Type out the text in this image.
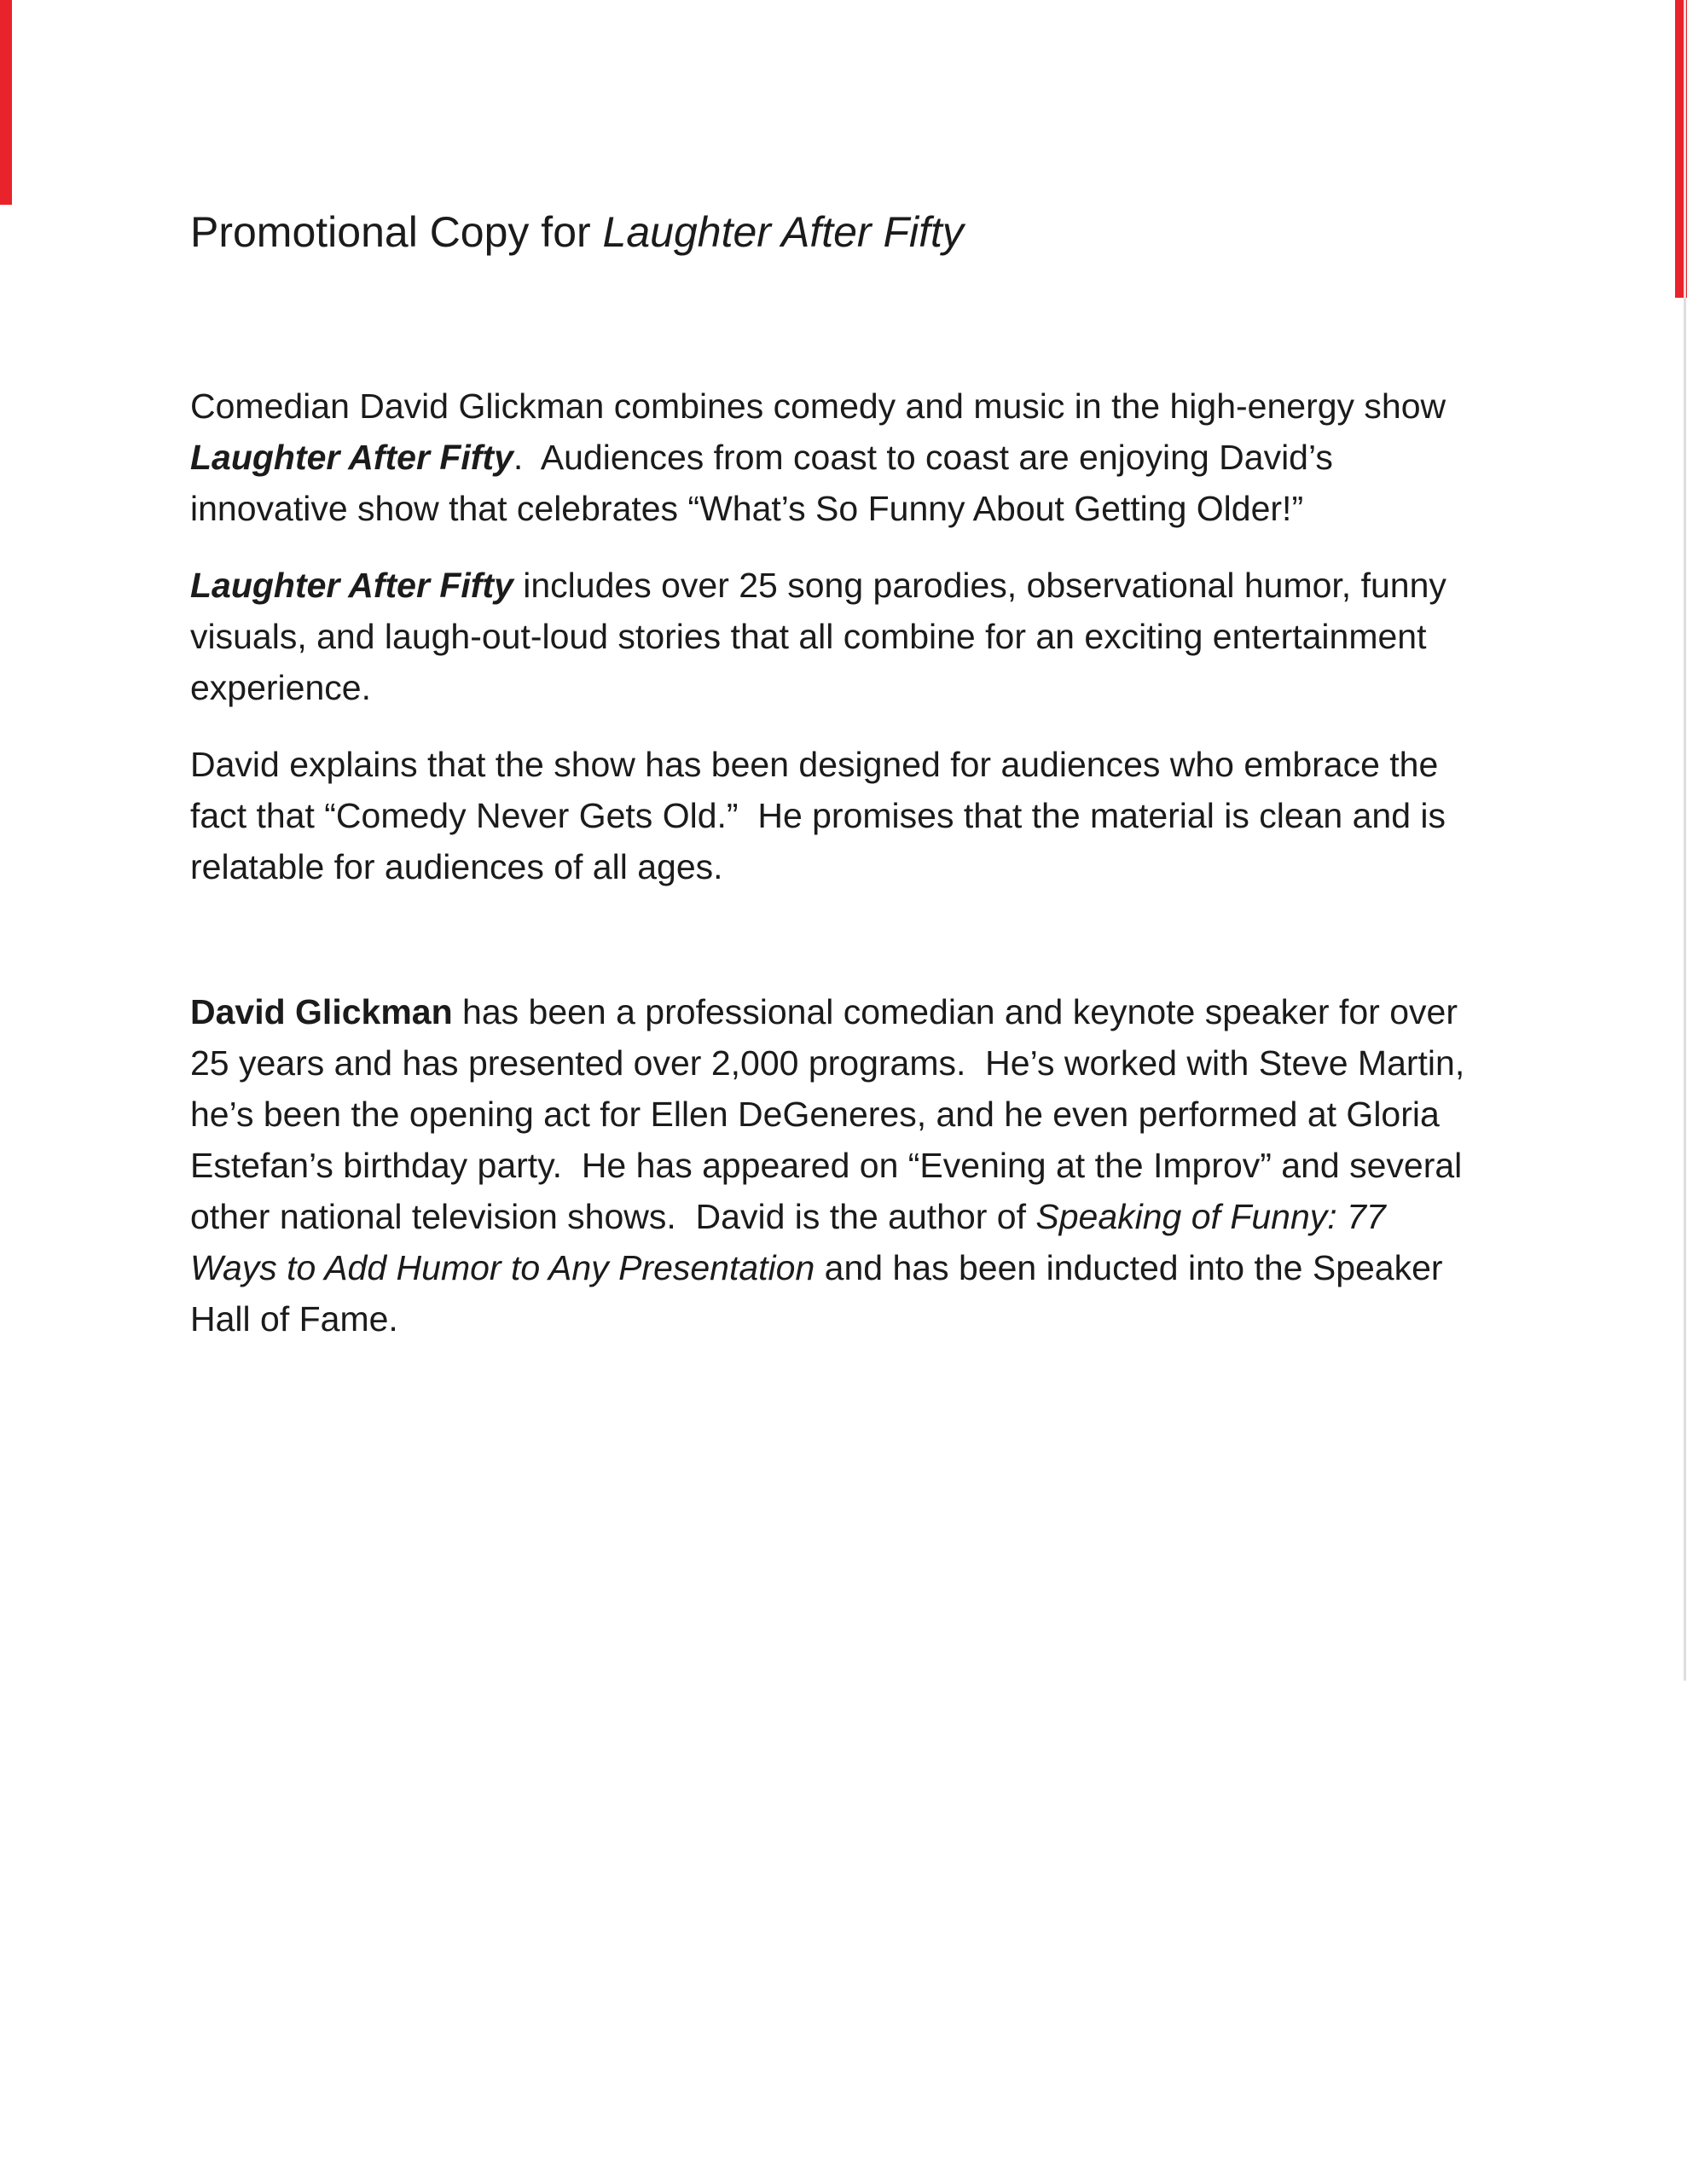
Promotional Copy for Laughter After Fifty
Comedian David Glickman combines comedy and music in the high-energy show
Laughter After Fifty.  Audiences from coast to coast are enjoying David’s
innovative show that celebrates “What’s So Funny About Getting Older!”
Laughter After Fifty includes over 25 song parodies, observational humor, funny
visuals, and laugh-out-loud stories that all combine for an exciting entertainment
experience.
David explains that the show has been designed for audiences who embrace the
fact that “Comedy Never Gets Old.”  He promises that the material is clean and is
relatable for audiences of all ages.
David Glickman has been a professional comedian and keynote speaker for over
25 years and has presented over 2,000 programs.  He’s worked with Steve Martin,
he’s been the opening act for Ellen DeGeneres, and he even performed at Gloria
Estefan’s birthday party.  He has appeared on “Evening at the Improv” and several
other national television shows.  David is the author of Speaking of Funny: 77
Ways to Add Humor to Any Presentation and has been inducted into the Speaker
Hall of Fame.
